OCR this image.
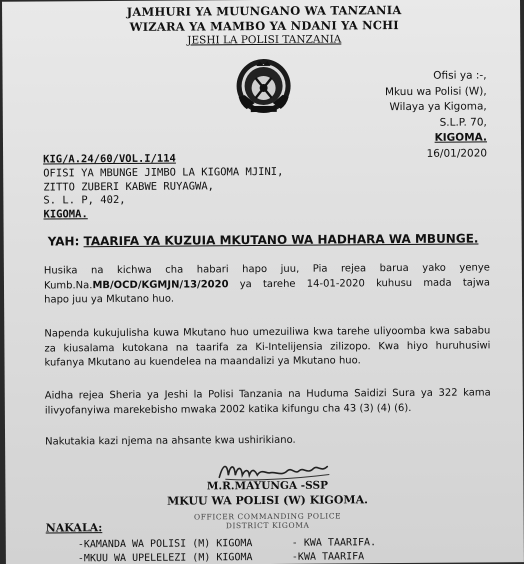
JAMHURI YA MUUNGANO WA TANZANIA
WIZARA YA MAMBO YA NDANI YA NCHI
JESHI LA POLISI TANZANIA
Ofisi ya :-,
Mkuu wa Polisi (W),
Wilaya ya Kigoma,
S.L.P. 70,
KIGOMA.
16/01/2020
KIG/A.24/60/VOL.I/114
OFISI YA MBUNGE JIMBO LA KIGOMA MJINI,
ZITTO ZUBERI KABWE RUYAGWA,
S. L. P, 402,
KIGOMA.
YAH: TAARIFA YA KUZUIA MKUTANO WA HADHARA WA MBUNGE.
Husika na kichwa cha habari hapo juu, Pia rejea barua yako yenye
Kumb.Na.MB/OCD/KGMJN/13/2020 ya tarehe 14-01-2020 kuhusu mada tajwa
hapo juu ya Mkutano huo.
Napenda kukujulisha kuwa Mkutano huo umezuiliwa kwa tarehe uliyoomba kwa sababu
za kiusalama kutokana na taarifa za Ki-Intelijensia zilizopo. Kwa hiyo huruhusiwi
kufanya Mkutano au kuendelea na maandalizi ya Mkutano huo.
Aidha rejea Sheria ya Jeshi la Polisi Tanzania na Huduma Saidizi Sura ya 322 kama
ilivyofanyiwa marekebisho mwaka 2002 katika kifungu cha 43 (3) (4) (6).
Nakutakia kazi njema na ahsante kwa ushirikiano.
M.R.MAYUNGA -SSP
MKUU WA POLISI (W) KIGOMA.
OFFICER COMMANDING POLICE
DISTRICT KIGOMA
NAKALA:
-KAMANDA WA POLISI (M) KIGOMA	- KWA TAARIFA.
-MKUU WA UPELELEZI (M) KIGOMA	-KWA TAARIFA
